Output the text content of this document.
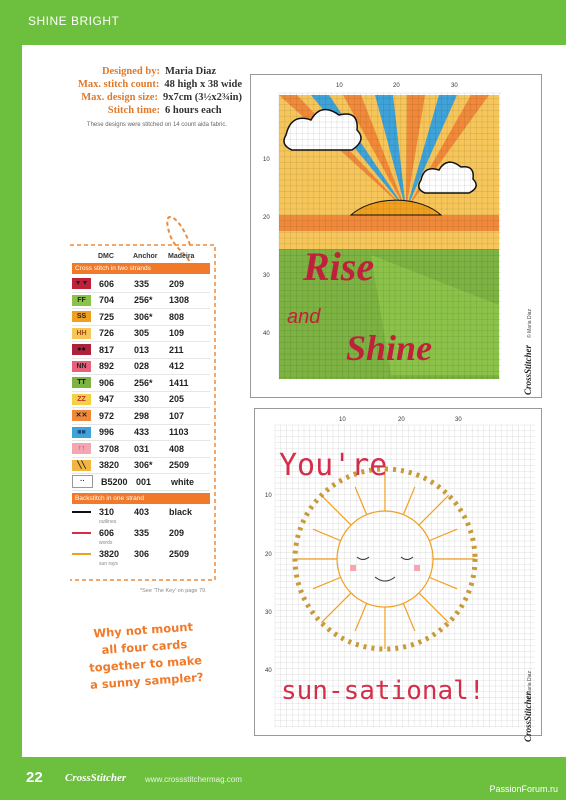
SHINE BRIGHT
Designed by: Maria Diaz
Max. stitch count: 48 high x 38 wide
Max. design size: 9x7cm (3½x2¾in)
Stitch time: 6 hours each
These designs were stitched on 14 count aida fabric.
DMC	Anchor	Madeira
Cross stitch in two strands
▼▼ 606	335	209
FF	704	256*	1308
SS	725	306*	808
HH	726	305	109
●●	817	013	211
NN	892	028	412
TT	906	256*	1411
ZZ	947	330	205
✕✕	972	298	107
■■	996	433	1103
↑↑	3708	031	408
╲╲	3820	306*	2509
··	B5200 001	white
Backstitch in one strand
310	403	black
outlines
606	335	209
words
3820	306	2509
sun rays
*See 'The Key' on page 79.
Why not mount
all four cards
together to make
a sunny sampler?
10	20	30
10
20
30
40
Rise
and
Shine
© Maria Diaz
CrossStitcher
10	20	30
10
20
30
40
You're
sun-sational!	© Maria Diaz
CrossStitcher
22 CrossStitcher www.crossstitchermag.com
PassionForum.ru
